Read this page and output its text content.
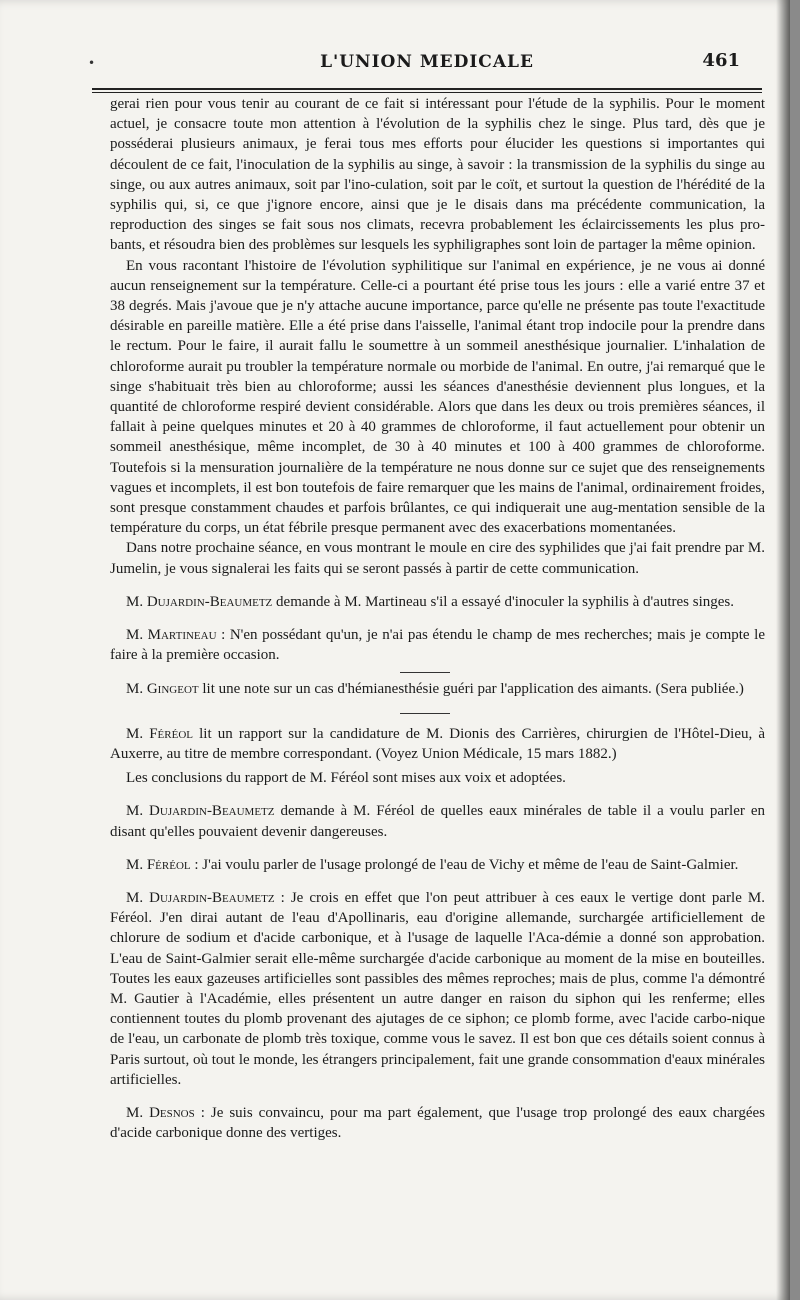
•	L'UNION MEDICALE	461

gerai rien pour vous tenir au courant de ce fait si intéressant pour l'étude de la syphilis. Pour le moment actuel, je consacre toute mon attention à l'évolution de la syphilis chez le singe. Plus tard, dès que je posséderai plusieurs animaux, je ferai tous mes efforts pour élucider les questions si importantes qui découlent de ce fait, l'inoculation de la syphilis au singe, à savoir : la transmission de la syphilis du singe au singe, ou aux autres animaux, soit par l'ino-culation, soit par le coït, et surtout la question de l'hérédité de la syphilis qui, si, ce que j'ignore encore, ainsi que je le disais dans ma précédente communication, la reproduction des singes se fait sous nos climats, recevra probablement les éclaircissements les plus pro-bants, et résoudra bien des problèmes sur lesquels les syphiligraphes sont loin de partager la même opinion.

En vous racontant l'histoire de l'évolution syphilitique sur l'animal en expérience, je ne vous ai donné aucun renseignement sur la température. Celle-ci a pourtant été prise tous les jours : elle a varié entre 37 et 38 degrés. Mais j'avoue que je n'y attache aucune importance, parce qu'elle ne présente pas toute l'exactitude désirable en pareille matière. Elle a été prise dans l'aisselle, l'animal étant trop indocile pour la prendre dans le rectum. Pour le faire, il aurait fallu le soumettre à un sommeil anesthésique journalier. L'inhalation de chloroforme aurait pu troubler la température normale ou morbide de l'animal. En outre, j'ai remarqué que le singe s'habituait très bien au chloroforme; aussi les séances d'anesthésie deviennent plus longues, et la quantité de chloroforme respiré devient considérable. Alors que dans les deux ou trois premières séances, il fallait à peine quelques minutes et 20 à 40 grammes de chloroforme, il faut actuellement pour obtenir un sommeil anesthésique, même incomplet, de 30 à 40 minutes et 100 à 400 grammes de chloroforme. Toutefois si la mensuration journalière de la température ne nous donne sur ce sujet que des renseignements vagues et incomplets, il est bon toutefois de faire remarquer que les mains de l'animal, ordinairement froides, sont presque constamment chaudes et parfois brûlantes, ce qui indiquerait une aug-mentation sensible de la température du corps, un état fébrile presque permanent avec des exacerbations momentanées.

Dans notre prochaine séance, en vous montrant le moule en cire des syphilides que j'ai fait prendre par M. Jumelin, je vous signalerai les faits qui se seront passés à partir de cette communication.

M. Dujardin-Beaumetz demande à M. Martineau s'il a essayé d'inoculer la syphilis à d'autres singes.

M. Martineau : N'en possédant qu'un, je n'ai pas étendu le champ de mes recherches; mais je compte le faire à la première occasion.

M. Gingeot lit une note sur un cas d'hémianesthésie guéri par l'application des aimants. (Sera publiée.)

M. Féréol lit un rapport sur la candidature de M. Dionis des Carrières, chirurgien de l'Hôtel-Dieu, à Auxerre, au titre de membre correspondant. (Voyez Union Médicale, 15 mars 1882.)

Les conclusions du rapport de M. Féréol sont mises aux voix et adoptées.

M. Dujardin-Beaumetz demande à M. Féréol de quelles eaux minérales de table il a voulu parler en disant qu'elles pouvaient devenir dangereuses.

M. Féréol : J'ai voulu parler de l'usage prolongé de l'eau de Vichy et même de l'eau de Saint-Galmier.

M. Dujardin-Beaumetz : Je crois en effet que l'on peut attribuer à ces eaux le vertige dont parle M. Féréol. J'en dirai autant de l'eau d'Apollinaris, eau d'origine allemande, surchargée artificiellement de chlorure de sodium et d'acide carbonique, et à l'usage de laquelle l'Aca-démie a donné son approbation. L'eau de Saint-Galmier serait elle-même surchargée d'acide carbonique au moment de la mise en bouteilles. Toutes les eaux gazeuses artificielles sont passibles des mêmes reproches; mais de plus, comme l'a démontré M. Gautier à l'Académie, elles présentent un autre danger en raison du siphon qui les renferme; elles contiennent toutes du plomb provenant des ajutages de ce siphon; ce plomb forme, avec l'acide carbo-nique de l'eau, un carbonate de plomb très toxique, comme vous le savez. Il est bon que ces détails soient connus à Paris surtout, où tout le monde, les étrangers principalement, fait une grande consommation d'eaux minérales artificielles.

M. Desnos : Je suis convaincu, pour ma part également, que l'usage trop prolongé des eaux chargées d'acide carbonique donne des vertiges.
